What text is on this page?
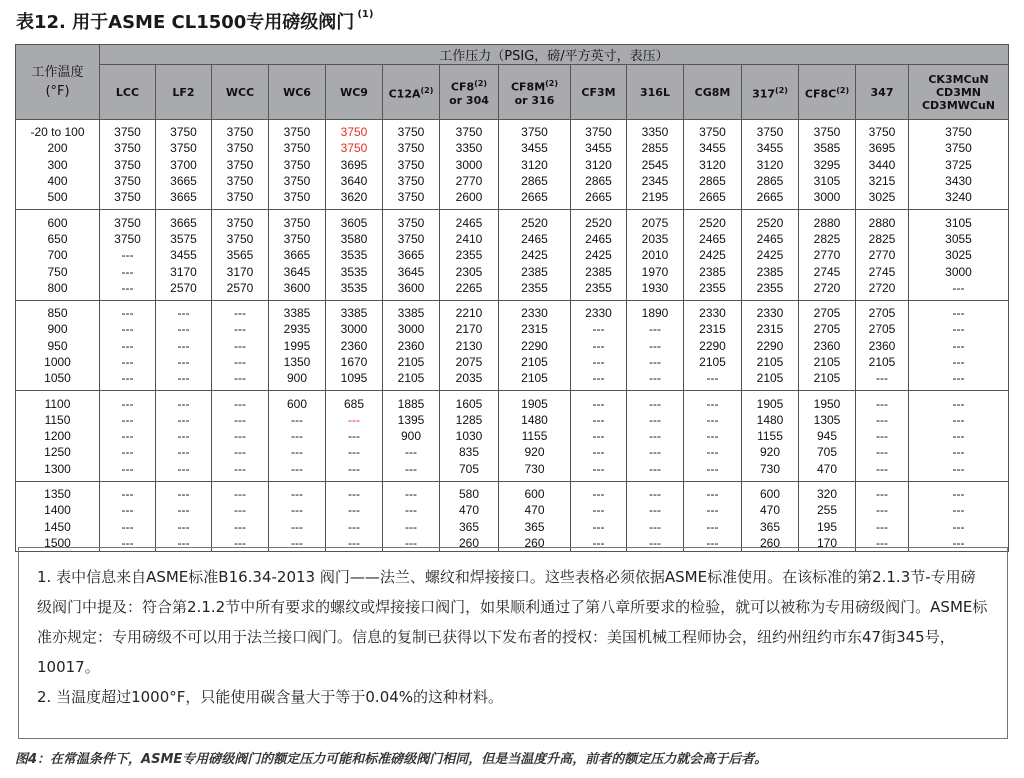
表12. 用于ASME CL1500专用磅级阀门 $^{(1)}$
工作温度
(°F)	工作压力（PSIG，磅/平方英寸，表压）														
	LCC	LF2	WCC	WC6	WC9	$C12A^{(2)}$	CF8$^{(2)}$
or 304	$CF8M^{(2)}$
or 316	CF3M	316L	CG8M	317$^{(2)}$	$CF8C^{(2)}$	347	CK3MCuN
CD3MN
CD3MWCuN
-20 to 100	3750	3750	3750	3750	3750	3750	3750	3750	3750	3350	3750	3750	3750	3750	3750
200	3750	3750	3750	3750	3750	3750	3350	3455	3455	2855	3455	3455	3585	3695	3750
300	3750	3700	3750	3750	3695	3750	3000	3120	3120	2545	3120	3120	3295	3440	3725
400	3750	3665	3750	3750	3640	3750	2770	2865	2865	2345	2865	2865	3105	3215	3430
500	3750	3665	3750	3750	3620	3750	2600	2665	2665	2195	2665	2665	3000	3025	3240
600	3750	3665	3750	3750	3605	3750	2465	2520	2520	2075	2520	2520	2880	2880	3105
650	3750	3575	3750	3750	3580	3750	2410	2465	2465	2035	2465	2465	2825	2825	3055
700	---	3455	3565	3665	3535	3665	2355	2425	2425	2010	2425	2425	2770	2770	3025
750	---	3170	3170	3645	3535	3645	2305	2385	2385	1970	2385	2385	2745	2745	3000
800	---	2570	2570	3600	3535	3600	2265	2355	2355	1930	2355	2355	2720	2720	---
850	---	---	---	3385	3385	3385	2210	2330	2330	1890	2330	2330	2705	2705	---
900	---	---	---	2935	3000	3000	2170	2315	---	---	2315	2315	2705	2705	---
950	---	---	---	1995	2360	2360	2130	2290	---	---	2290	2290	2360	2360	---
1000	---	---	---	1350	1670	2105	2075	2105	---	---	2105	2105	2105	2105	---
1050	---	---	---	900	1095	2105	2035	2105	---	---	---	2105	2105	---	---
1100	---	---	---	600	685	1885	1605	1905	---	---	---	1905	1950	---	---
1150	---	---	---	---	---	1395	1285	1480	---	---	---	1480	1305	---	---
1200	---	---	---	---	---	900	1030	1155	---	---	---	1155	945	---	---
1250	---	---	---	---	---	---	835	920	---	---	---	920	705	---	---
1300	---	---	---	---	---	---	705	730	---	---	---	730	470	---	---
1350	---	---	---	---	---	---	580	600	---	---	---	600	320	---	---
1400	---	---	---	---	---	---	470	470	---	---	---	470	255	---	---
1450	---	---	---	---	---	---	365	365	---	---	---	365	195	---	---
1500	---	---	---	---	---	---	260	260	---	---	---	260	170	---	---

1. 表中信息来自ASME标准B16.34-2013 阀门——法兰、螺纹和焊接接口。这些表格必须依据ASME标准使用。在该标准的第2.1.3节-专用磅级阀门中提及：符合第2.1.2节中所有要求的螺纹或焊接接口阀门，如果顺利通过了第八章所要求的检验，就可以被称为专用磅级阀门。ASME标准亦规定：专用磅级不可以用于法兰接口阀门。信息的复制已获得以下发布者的授权：美国机械工程师协会，纽约州纽约市东47街345号，10017。

2. 当温度超过1000°F，只能使用碳含量大于等于0.04%的这种材料。

图4：在常温条件下，ASME专用磅级阀门的额定压力可能和标准磅级阀门相同，但是当温度升高，前者的额定压力就会高于后者。
